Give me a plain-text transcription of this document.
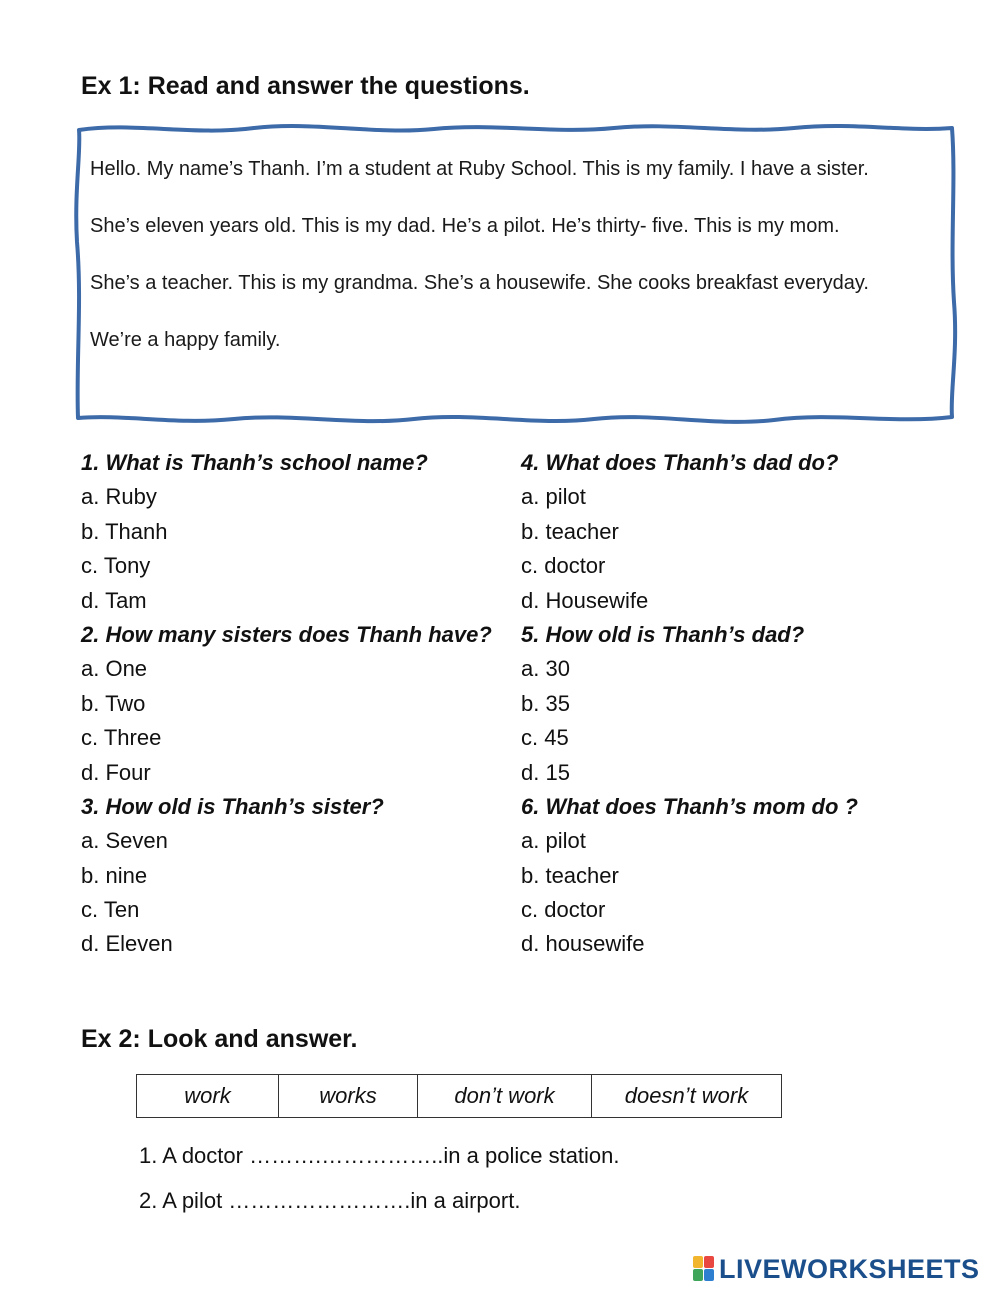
Ex 1: Read and answer the questions.
Hello. My name’s Thanh. I’m a student at Ruby School. This is my family. I have a sister.
She’s eleven years old. This is my dad. He’s a pilot. He’s thirty- five. This is my mom.
She’s a teacher. This is my grandma. She’s a housewife. She cooks breakfast everyday.
We’re a happy family.
1. What is Thanh’s school name?
a. Ruby
b. Thanh
c. Tony
d. Tam
2. How many sisters does Thanh have?
a. One
b. Two
c. Three
d. Four
3. How old is Thanh’s sister?
a. Seven
b. nine
c. Ten
d. Eleven
4. What does Thanh’s dad do?
a. pilot
b. teacher
c. doctor
d. Housewife
5. How old is Thanh’s dad?
a. 30
b. 35
c. 45
d. 15
6. What does Thanh’s mom do ?
a. pilot
b. teacher
c. doctor
d. housewife
Ex 2: Look and answer.
work	works	don’t work	doesn’t work
1. A doctor ……….……………..in a police station.
2. A pilot …………………….in a airport.
LIVEWORKSHEETS
